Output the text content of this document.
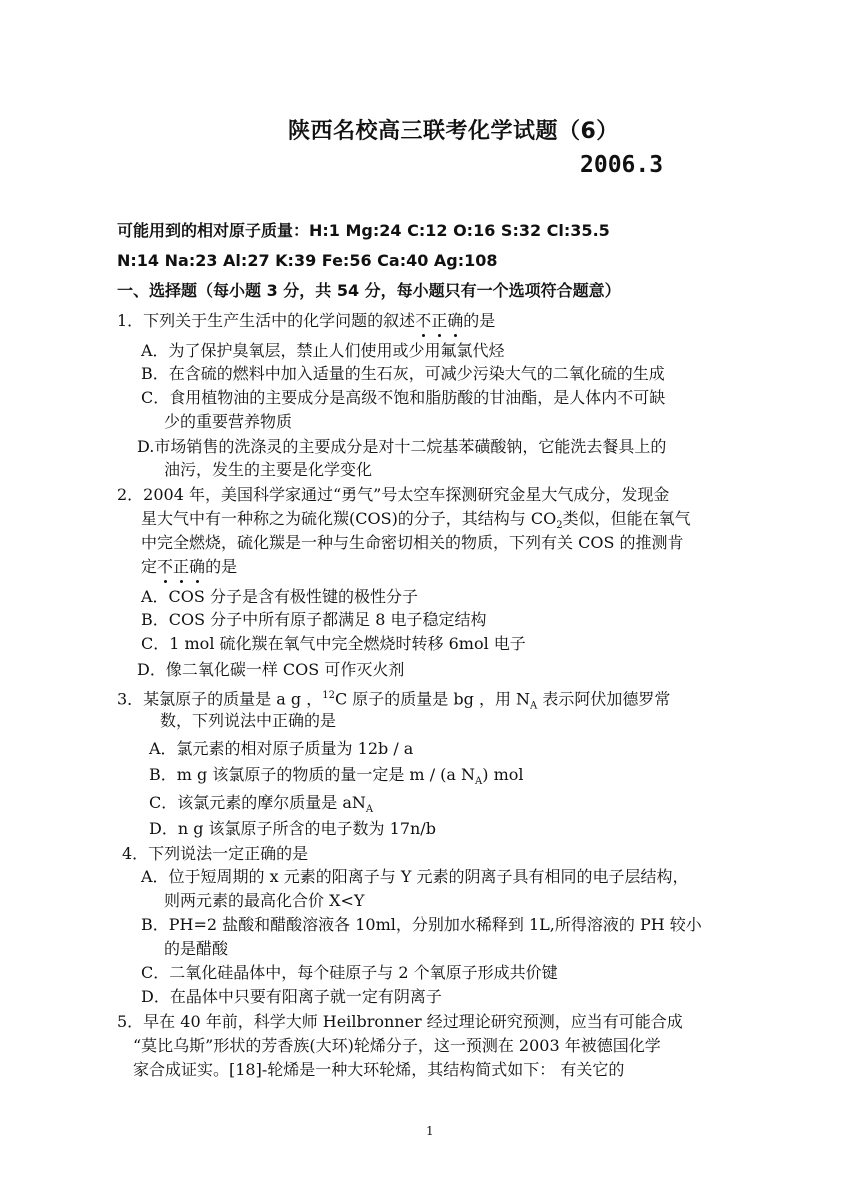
陕西名校高三联考化学试题（6）
2006.3
可能用到的相对原子质量：H:1 Mg:24 C:12 O:16 S:32 Cl:35.5
N:14 Na:23 Al:27 K:39 Fe:56 Ca:40 Ag:108
一、选择题（每小题 3 分，共 54 分，每小题只有一个选项符合题意）
1．下列关于生产生活中的化学问题的叙述不正确的是
A．为了保护臭氧层，禁止人们使用或少用氟氯代烃
B．在含硫的燃料中加入适量的生石灰，可减少污染大气的二氧化硫的生成
C．食用植物油的主要成分是高级不饱和脂肪酸的甘油酯，是人体内不可缺
少的重要营养物质
D.市场销售的洗涤灵的主要成分是对十二烷基苯磺酸钠，它能洗去餐具上的
油污，发生的主要是化学变化
2．2004 年，美国科学家通过“勇气”号太空车探测研究金星大气成分，发现金
星大气中有一种称之为硫化羰(COS)的分子，其结构与 $CO_2$类似，但能在氧气
中完全燃烧，硫化羰是一种与生命密切相关的物质，下列有关 COS 的推测肯
定不正确的是
A．COS 分子是含有极性键的极性分子
B．COS 分子中所有原子都满足 8 电子稳定结构
C．1 mol 硫化羰在氧气中完全燃烧时转移 6mol 电子
D．像二氧化碳一样 COS 可作灭火剂
3．某氯原子的质量是 a g ，$^{12}$C 原子的质量是 bg ，用 $N_A$ 表示阿伏加德罗常
数，下列说法中正确的是
A．氯元素的相对原子质量为 12b / a
B．m g 该氯原子的物质的量一定是 m / (a $N_A$) mol
C．该氯元素的摩尔质量是 $aN_A$
D．n g 该氯原子所含的电子数为 17n/b
4．下列说法一定正确的是
A．位于短周期的 x 元素的阳离子与 Y 元素的阴离子具有相同的电子层结构，
则两元素的最高化合价 X<Y
B．PH=2 盐酸和醋酸溶液各 10ml，分别加水稀释到 1L,所得溶液的 PH 较小
的是醋酸
C．二氧化硅晶体中，每个硅原子与 2 个氧原子形成共价键
D．在晶体中只要有阳离子就一定有阴离子
5．早在 40 年前，科学大师 Heilbronner 经过理论研究预测，应当有可能合成
“莫比乌斯”形状的芳香族(大环)轮烯分子，这一预测在 2003 年被德国化学
家合成证实。[18]-轮烯是一种大环轮烯，其结构简式如下： 有关它的
1
